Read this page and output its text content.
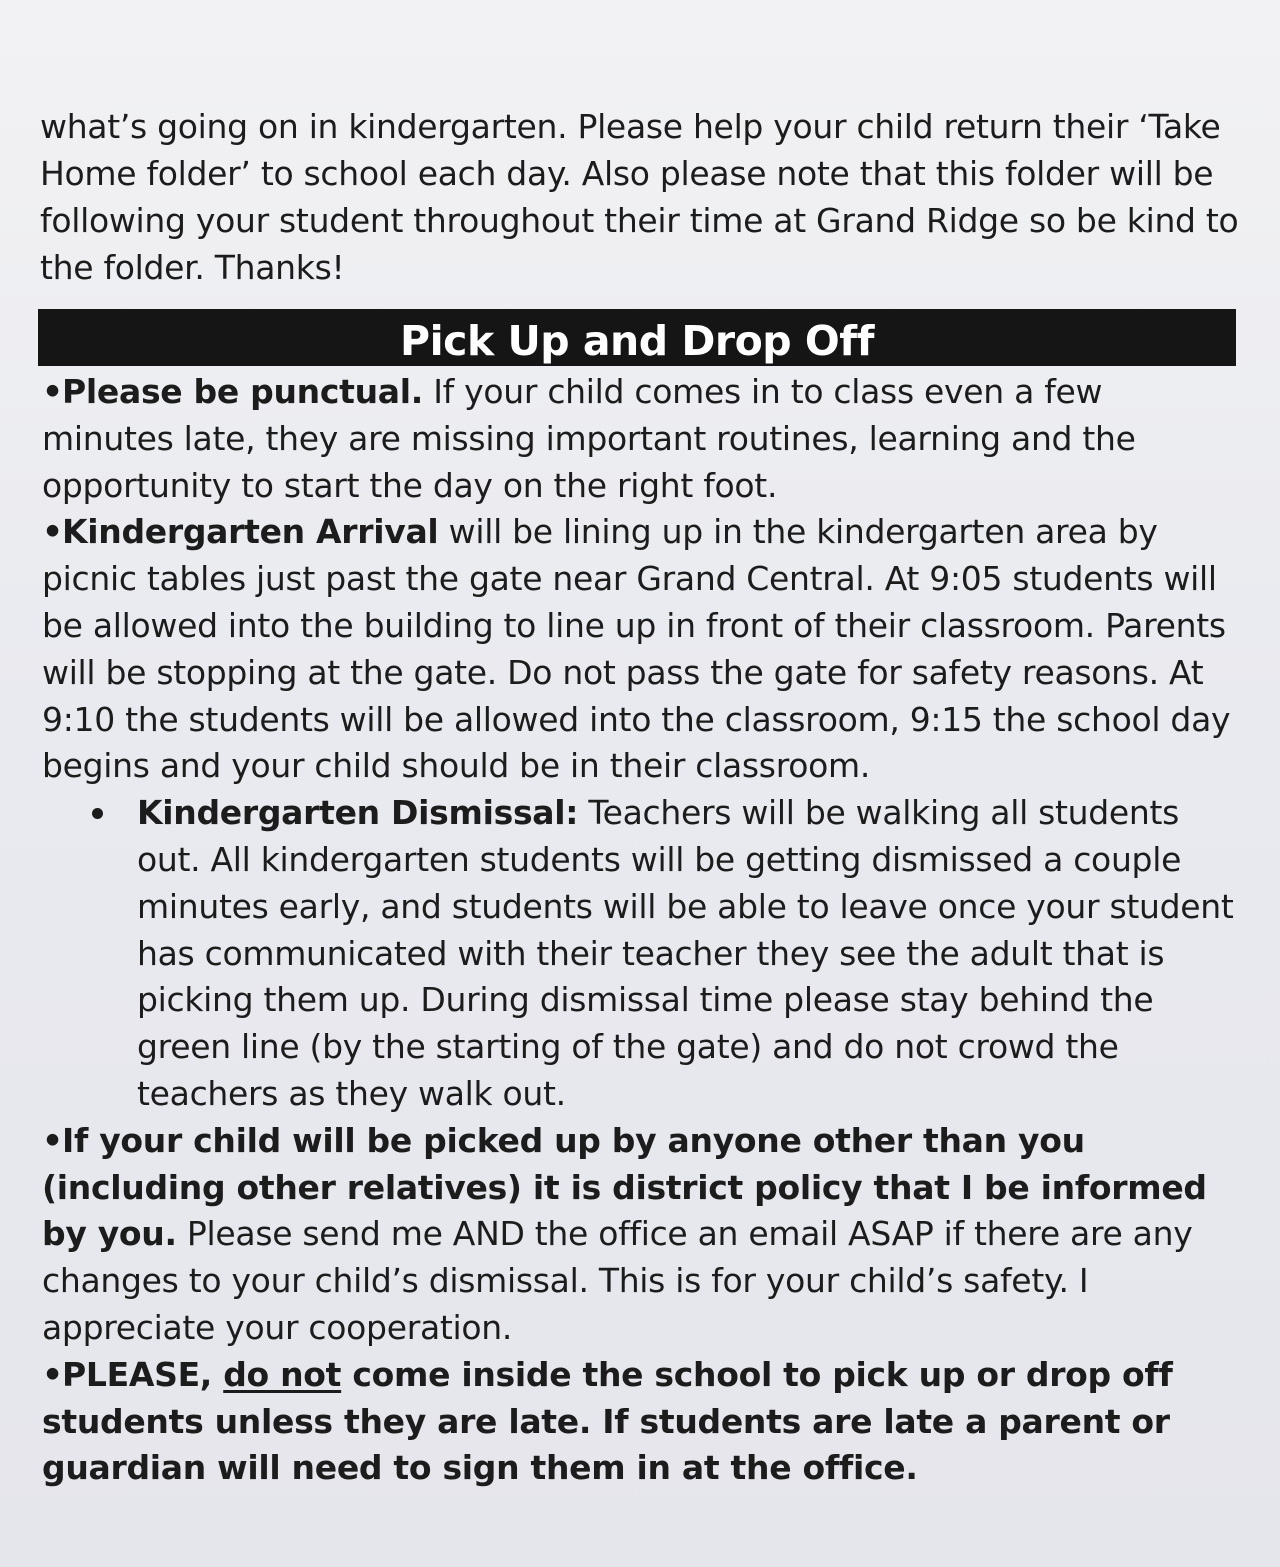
what’s going on in kindergarten. Please help your child return their ‘Take Home folder’ to school each day. Also please note that this folder will be following your student throughout their time at Grand Ridge so be kind to the folder. Thanks!

Pick Up and Drop Off

•Please be punctual. If your child comes in to class even a few minutes late, they are missing important routines, learning and the opportunity to start the day on the right foot.

•Kindergarten Arrival will be lining up in the kindergarten area by picnic tables just past the gate near Grand Central. At 9:05 students will be allowed into the building to line up in front of their classroom. Parents will be stopping at the gate. Do not pass the gate for safety reasons. At 9:10 the students will be allowed into the classroom, 9:15 the school day begins and your child should be in their classroom.

Kindergarten Dismissal: Teachers will be walking all students out. All kindergarten students will be getting dismissed a couple minutes early, and students will be able to leave once your student has communicated with their teacher they see the adult that is picking them up. During dismissal time please stay behind the green line (by the starting of the gate) and do not crowd the teachers as they walk out.

•If your child will be picked up by anyone other than you (including other relatives) it is district policy that I be informed by you. Please send me AND the office an email ASAP if there are any changes to your child’s dismissal. This is for your child’s safety. I appreciate your cooperation.

•PLEASE, do not come inside the school to pick up or drop off students unless they are late. If students are late a parent or guardian will need to sign them in at the office.
